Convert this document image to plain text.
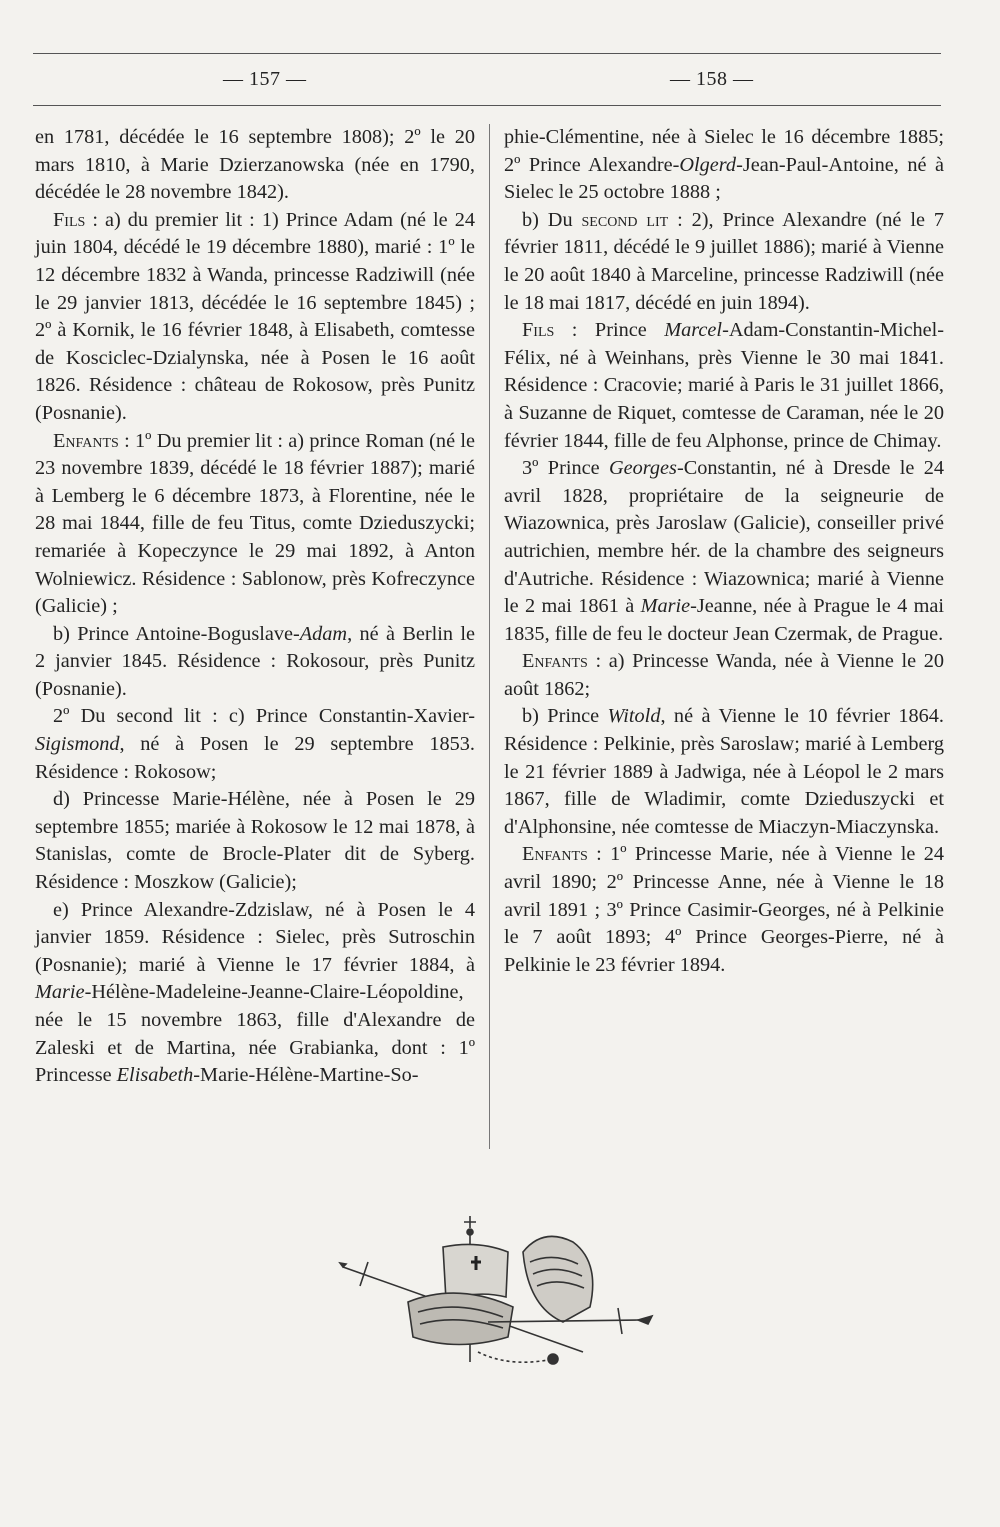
— 157 —	— 158 —

en 1781, décédée le 16 septembre 1808); 2º le 20 mars 1810, à Marie Dzierzanowska (née en 1790, décédée le 28 novembre 1842).

Fils : a) du premier lit : 1) Prince Adam (né le 24 juin 1804, décédé le 19 décembre 1880), marié : 1º le 12 décembre 1832 à Wanda, princesse Radziwill (née le 29 janvier 1813, décédée le 16 septembre 1845) ; 2º à Kornik, le 16 février 1848, à Elisabeth, comtesse de Kosciclec-Dzialynska, née à Posen le 16 août 1826. Résidence : château de Rokosow, près Punitz (Posnanie).

Enfants : 1º Du premier lit : a) prince Roman (né le 23 novembre 1839, décédé le 18 février 1887); marié à Lemberg le 6 décembre 1873, à Florentine, née le 28 mai 1844, fille de feu Titus, comte Dzieduszycki; remariée à Kopeczynce le 29 mai 1892, à Anton Wolniewicz. Résidence : Sablonow, près Kofreczynce (Galicie) ;

b) Prince Antoine-Boguslave-Adam, né à Berlin le 2 janvier 1845. Résidence : Rokosour, près Punitz (Posnanie).

2º Du second lit : c) Prince Constantin-Xavier-Sigismond, né à Posen le 29 septembre 1853. Résidence : Rokosow;

d) Princesse Marie-Hélène, née à Posen le 29 septembre 1855; mariée à Rokosow le 12 mai 1878, à Stanislas, comte de Brocle-Plater dit de Syberg. Résidence : Moszkow (Galicie);

e) Prince Alexandre-Zdzislaw, né à Posen le 4 janvier 1859. Résidence : Sielec, près Sutroschin (Posnanie); marié à Vienne le 17 février 1884, à Marie-Hélène-Madeleine-Jeanne-Claire-Léopoldine, née le 15 novembre 1863, fille d'Alexandre de Zaleski et de Martina, née Grabianka, dont : 1º Princesse Elisabeth-Marie-Hélène-Martine-So-

phie-Clémentine, née à Sielec le 16 décembre 1885; 2º Prince Alexandre-Olgerd-Jean-Paul-Antoine, né à Sielec le 25 octobre 1888 ;

b) Du second lit : 2), Prince Alexandre (né le 7 février 1811, décédé le 9 juillet 1886); marié à Vienne le 20 août 1840 à Marceline, princesse Radziwill (née le 18 mai 1817, décédé en juin 1894).

Fils : Prince Marcel-Adam-Constantin-Michel-Félix, né à Weinhans, près Vienne le 30 mai 1841. Résidence : Cracovie; marié à Paris le 31 juillet 1866, à Suzanne de Riquet, comtesse de Caraman, née le 20 février 1844, fille de feu Alphonse, prince de Chimay.

3º Prince Georges-Constantin, né à Dresde le 24 avril 1828, propriétaire de la seigneurie de Wiazownica, près Jaroslaw (Galicie), conseiller privé autrichien, membre hér. de la chambre des seigneurs d'Autriche. Résidence : Wiazownica; marié à Vienne le 2 mai 1861 à Marie-Jeanne, née à Prague le 4 mai 1835, fille de feu le docteur Jean Czermak, de Prague.

Enfants : a) Princesse Wanda, née à Vienne le 20 août 1862;

b) Prince Witold, né à Vienne le 10 février 1864. Résidence : Pelkinie, près Saroslaw; marié à Lemberg le 21 février 1889 à Jadwiga, née à Léopol le 2 mars 1867, fille de Wladimir, comte Dzieduszycki et d'Alphonsine, née comtesse de Miaczyn-Miaczynska.

Enfants : 1º Princesse Marie, née à Vienne le 24 avril 1890; 2º Princesse Anne, née à Vienne le 18 avril 1891 ; 3º Prince Casimir-Georges, né à Pelkinie le 7 août 1893; 4º Prince Georges-Pierre, né à Pelkinie le 23 février 1894.
